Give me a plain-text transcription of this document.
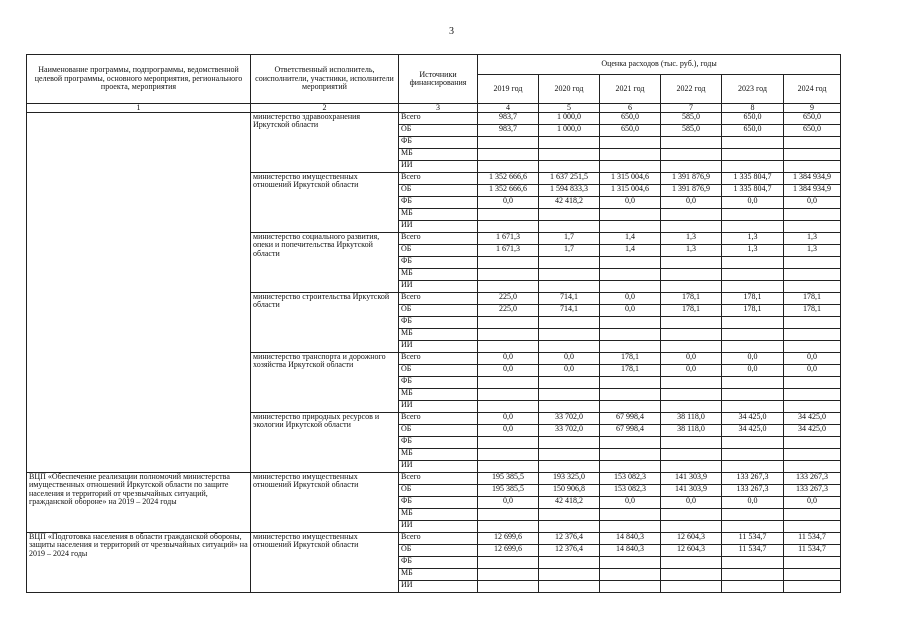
3
Наименование программы, подпрограммы, ведомственной целевой программы, основного мероприятия, регионального проекта, мероприятия	Ответственный исполнитель, соисполнители, участники, исполнители мероприятий	Источники финансирования	Оценка расходов (тыс. руб.), годы					
			2019 год	2020 год	2021 год	2022 год	2023 год	2024 год
1	2	3	4	5	6	7	8	9
	министерство здравоохранения Иркутской области	Всего	983,7	1 000,0	650,0	585,0	650,0	650,0
		ОБ	983,7	1 000,0	650,0	585,0	650,0	650,0
		ФБ						
		МБ						
		ИИ						
	министерство имущественных отношений Иркутской области	Всего	1 352 666,6	1 637 251,5	1 315 004,6	1 391 876,9	1 335 804,7	1 384 934,9
		ОБ	1 352 666,6	1 594 833,3	1 315 004,6	1 391 876,9	1 335 804,7	1 384 934,9
		ФБ	0,0	42 418,2	0,0	0,0	0,0	0,0
		МБ						
		ИИ						
	министерство социального развития, опеки и попечительства Иркутской области	Всего	1 671,3	1,7	1,4	1,3	1,3	1,3
		ОБ	1 671,3	1,7	1,4	1,3	1,3	1,3
		ФБ						
		МБ						
		ИИ						
	министерство строительства Иркутской области	Всего	225,0	714,1	0,0	178,1	178,1	178,1
		ОБ	225,0	714,1	0,0	178,1	178,1	178,1
		ФБ						
		МБ						
		ИИ						
	министерство транспорта и дорожного хозяйства Иркутской области	Всего	0,0	0,0	178,1	0,0	0,0	0,0
		ОБ	0,0	0,0	178,1	0,0	0,0	0,0
		ФБ						
		МБ						
		ИИ						
	министерство природных ресурсов и экологии Иркутской области	Всего	0,0	33 702,0	67 998,4	38 118,0	34 425,0	34 425,0
		ОБ	0,0	33 702,0	67 998,4	38 118,0	34 425,0	34 425,0
		ФБ						
		МБ						
		ИИ						
ВЦП «Обеспечение реализации полномочий министерства имущественных отношений Иркутской области по защите населения и территорий от чрезвычайных ситуаций, гражданской обороне» на 2019 – 2024 годы	министерство имущественных отношений Иркутской области	Всего	195 385,5	193 325,0	153 082,3	141 303,9	133 267,3	133 267,3
		ОБ	195 385,5	150 906,8	153 082,3	141 303,9	133 267,3	133 267,3
		ФБ	0,0	42 418,2	0,0	0,0	0,0	0,0
		МБ						
		ИИ						
ВЦП «Подготовка населения в области гражданской обороны, защиты населения и территорий от чрезвычайных ситуаций» на 2019 – 2024 годы	министерство имущественных отношений Иркутской области	Всего	12 699,6	12 376,4	14 840,3	12 604,3	11 534,7	11 534,7
		ОБ	12 699,6	12 376,4	14 840,3	12 604,3	11 534,7	11 534,7
		ФБ						
		МБ						
		ИИ						
